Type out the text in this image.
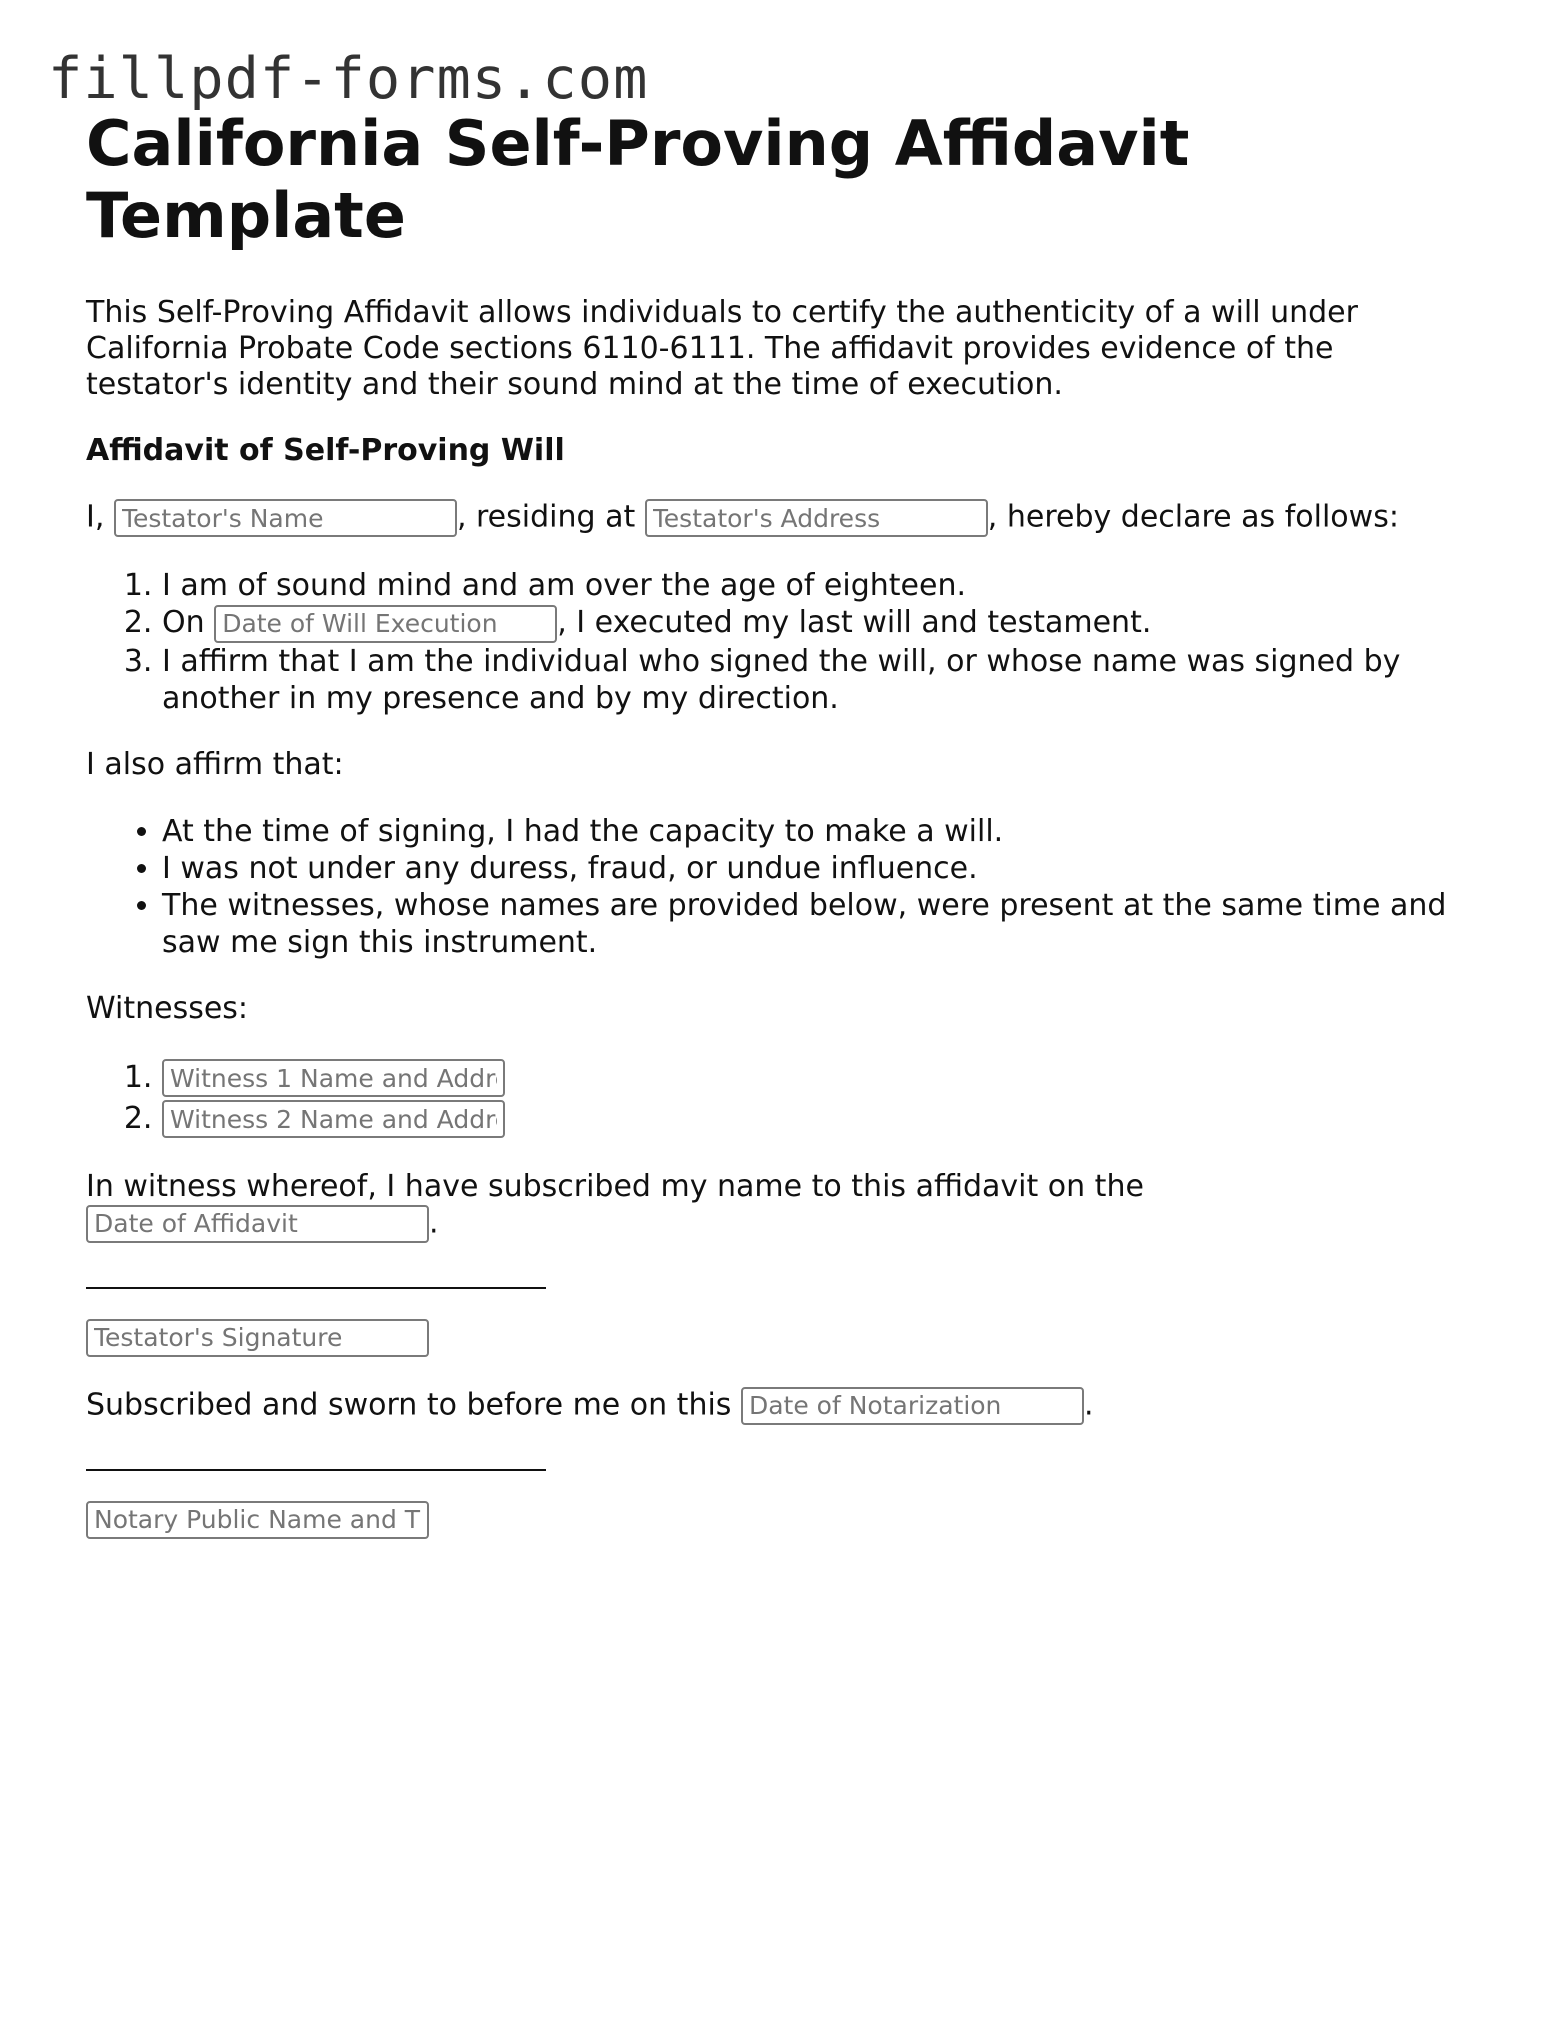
fillpdf-forms.com
California Self-Proving Affidavit Template

This Self-Proving Affidavit allows individuals to certify the authenticity of a will under California Probate Code sections 6110-6111. The affidavit provides evidence of the testator's identity and their sound mind at the time of execution.

Affidavit of Self-Proving Will

I, Testator's Name	, residing at Testator's Address	, hereby declare as follows:

1. I am of sound mind and am over the age of eighteen.
2. On Date of Will Execution	, I executed my last will and testament.
3. I affirm that I am the individual who signed the will, or whose name was signed by another in my presence and by my direction.

I also affirm that:

• At the time of signing, I had the capacity to make a will.
• I was not under any duress, fraud, or undue influence.
• The witnesses, whose names are provided below, were present at the same time and saw me sign this instrument.

Witnesses:

1. Witness 1 Name and Address
2. Witness 2 Name and Address

In witness whereof, I have subscribed my name to this affidavit on the
Date of Affidavit.

Testator's Signature

Subscribed and sworn to before me on this Date of Notarization	.

Notary Public Name and Title
